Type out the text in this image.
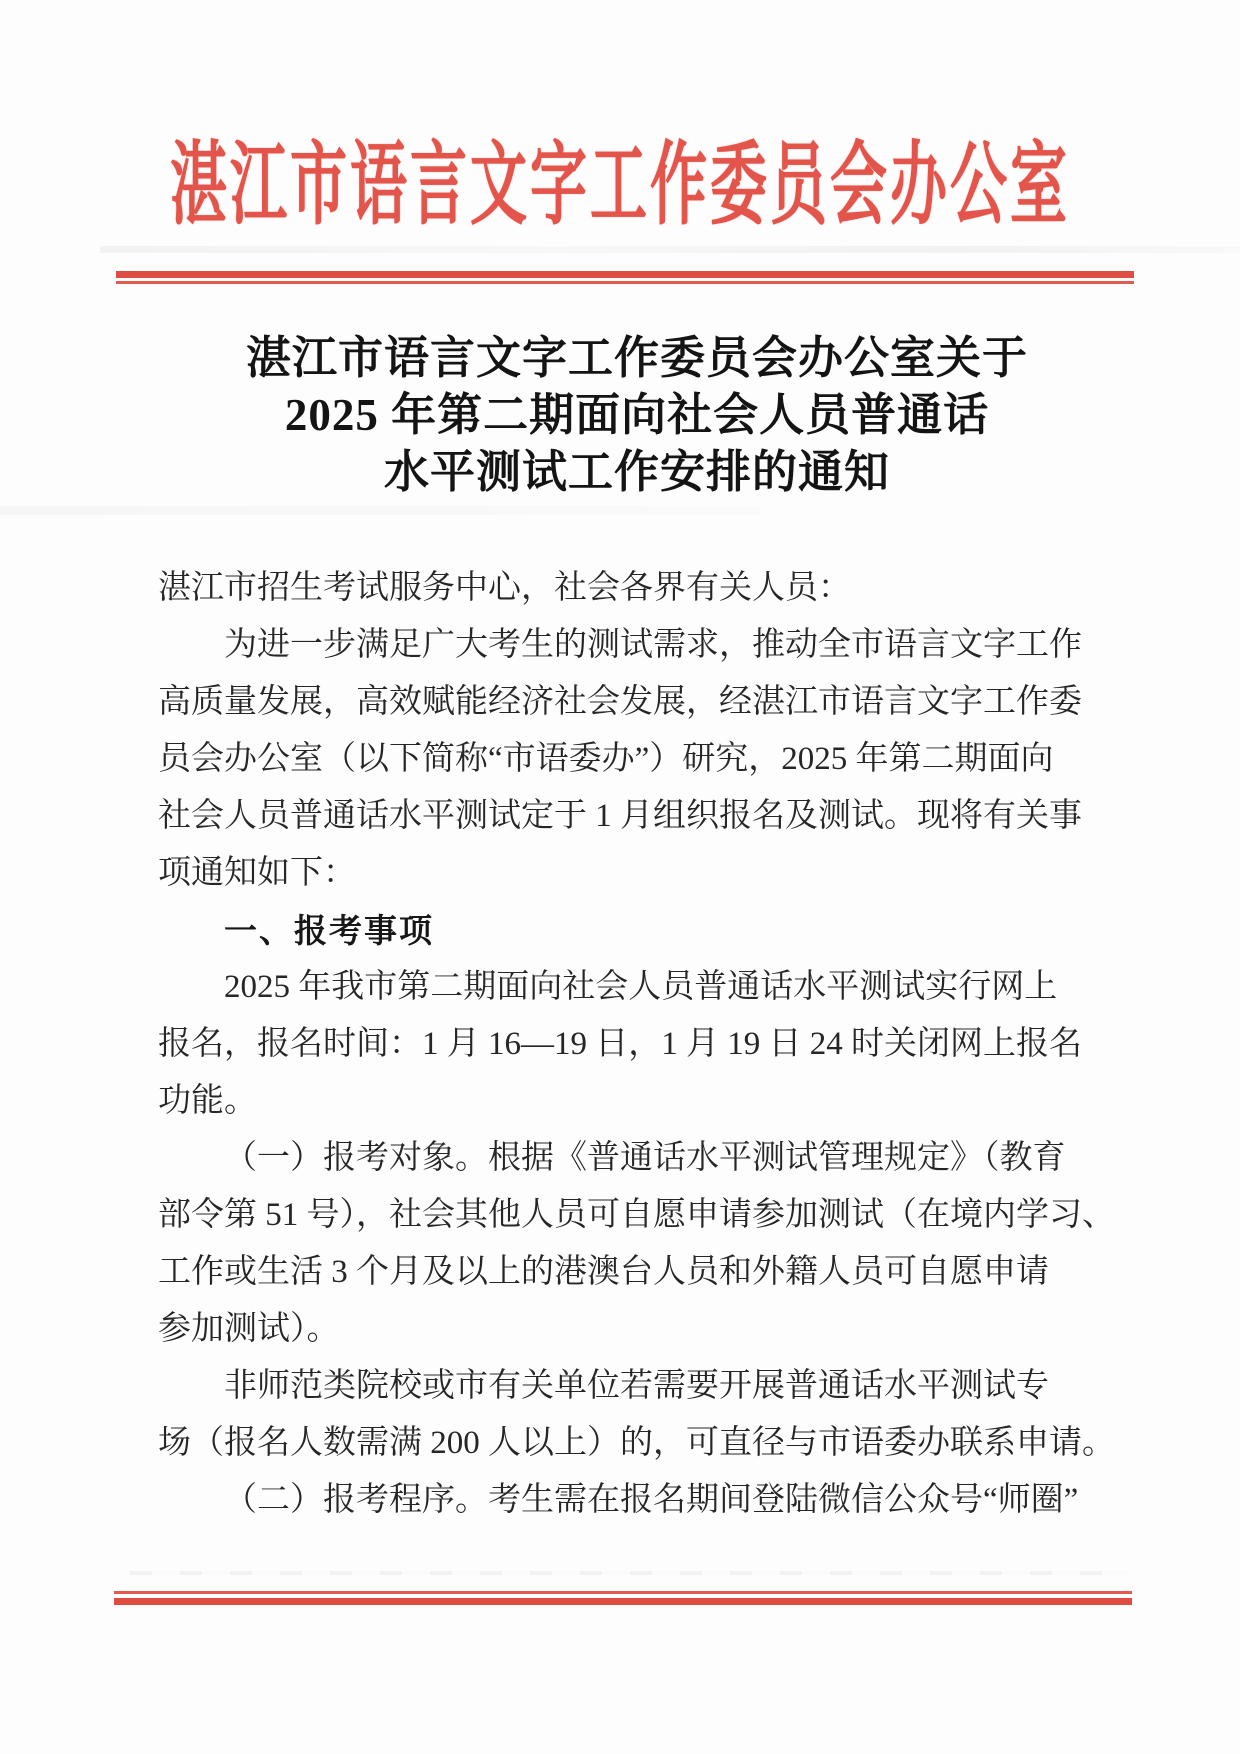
湛江市语言文字工作委员会办公室
湛江市语言文字工作委员会办公室关于
2025 年第二期面向社会人员普通话
水平测试工作安排的通知
湛江市招生考试服务中心，社会各界有关人员：
为进一步满足广大考生的测试需求，推动全市语言文字工作
高质量发展，高效赋能经济社会发展，经湛江市语言文字工作委
员会办公室（以下简称“市语委办”）研究，2025 年第二期面向
社会人员普通话水平测试定于 1 月组织报名及测试。现将有关事
项通知如下：
一、报考事项
2025 年我市第二期面向社会人员普通话水平测试实行网上
报名，报名时间：1 月 16—19 日，1 月 19 日 24 时关闭网上报名
功能。
（一）报考对象。根据《普通话水平测试管理规定》（教育
部令第 51 号），社会其他人员可自愿申请参加测试（在境内学习、
工作或生活 3 个月及以上的港澳台人员和外籍人员可自愿申请
参加测试）。
非师范类院校或市有关单位若需要开展普通话水平测试专
场（报名人数需满 200 人以上）的，可直径与市语委办联系申请。
（二）报考程序。考生需在报名期间登陆微信公众号“师圈”
